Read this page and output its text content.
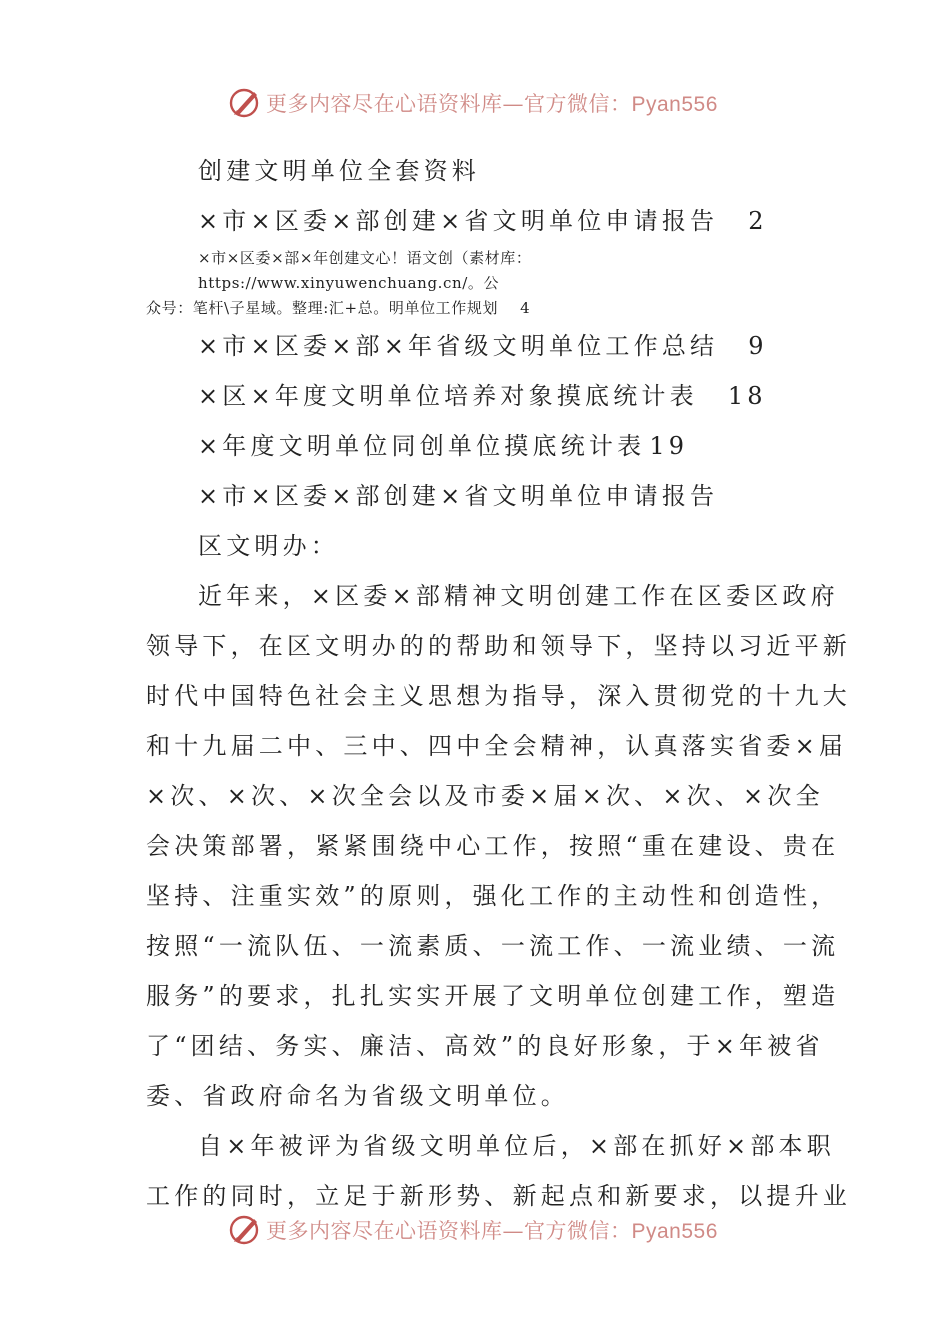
更多内容尽在心语资料库—官方微信：Pyan556
创建文明单位全套资料
×市×区委×部创建×省文明单位申请报告 2

×市×区委×部×年创建文心！语文创（素材库：https://www.xinyuwenchuang.cn/。公

众号：笔杆\子星域。整理:汇+总。明单位工作规划 4

×市×区委×部×年省级文明单位工作总结 9
×区×年度文明单位培养对象摸底统计表 18
×年度文明单位同创单位摸底统计表 19
×市×区委×部创建×省文明单位申请报告
区文明办：
近年来，×区委×部精神文明创建工作在区委区政府
领导下，在区文明办的的帮助和领导下，坚持以习近平新
时代中国特色社会主义思想为指导，深入贯彻党的十九大
和十九届二中、三中、四中全会精神，认真落实省委×届
×次、×次、×次全会以及市委×届×次、×次、×次全
会决策部署，紧紧围绕中心工作，按照“重在建设、贵在
坚持、注重实效”的原则，强化工作的主动性和创造性，
按照“一流队伍、一流素质、一流工作、一流业绩、一流
服务”的要求，扎扎实实开展了文明单位创建工作，塑造
了“团结、务实、廉洁、高效”的良好形象，于×年被省
委、省政府命名为省级文明单位。
自×年被评为省级文明单位后，×部在抓好×部本职
工作的同时，立足于新形势、新起点和新要求，以提升业
更多内容尽在心语资料库—官方微信：Pyan556
